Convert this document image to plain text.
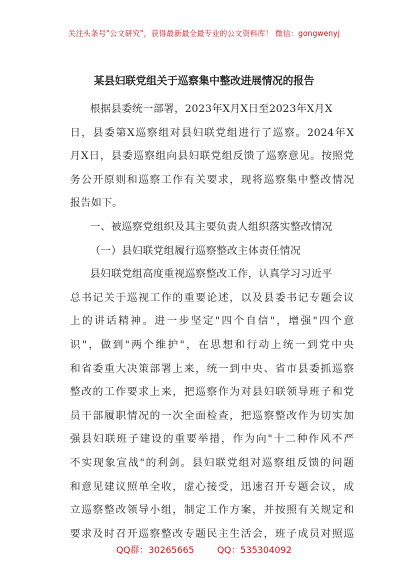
关注头条号"公文研究"，获得最新最全最专业的公文资料库！ 微信：gongwenyj
某县妇联党组关于巡察集中整改进展情况的报告
根据县委统一部署，2023年X月X日至2023年X月X
日，县委第X巡察组对县妇联党组进行了巡察。2024年X
月X日，县委巡察组向县妇联党组反馈了巡察意见。按照党
务公开原则和巡察工作有关要求，现将巡察集中整改情况
报告如下。
一、被巡察党组织及其主要负责人组织落实整改情况
（一）县妇联党组履行巡察整改主体责任情况
县妇联党组高度重视巡察整改工作，认真学习习近平
总书记关于巡视工作的重要论述，以及县委书记专题会议
上的讲话精神。进一步坚定"四个自信"，增强"四个意
识"，做到"两个维护"，在思想和行动上统一到党中央
和省委重大决策部署上来，统一到中央、省市县委抓巡察
整改的工作要求上来，把巡察作为对县妇联领导班子和党
员干部履职情况的一次全面检查，把巡察整改作为切实加
强县妇联班子建设的重要举措，作为向"十二种作风不严
不实现象宣战"的利剑。县妇联党组对巡察组反馈的问题
和意见建议照单全收，虚心接受，迅速召开专题会议，成
立巡察整改领导小组，制定工作方案，并按照有关规定和
要求及时召开巡察整改专题民主生活会，班子成员对照巡
QQ群：30265665	QQ：535304092
